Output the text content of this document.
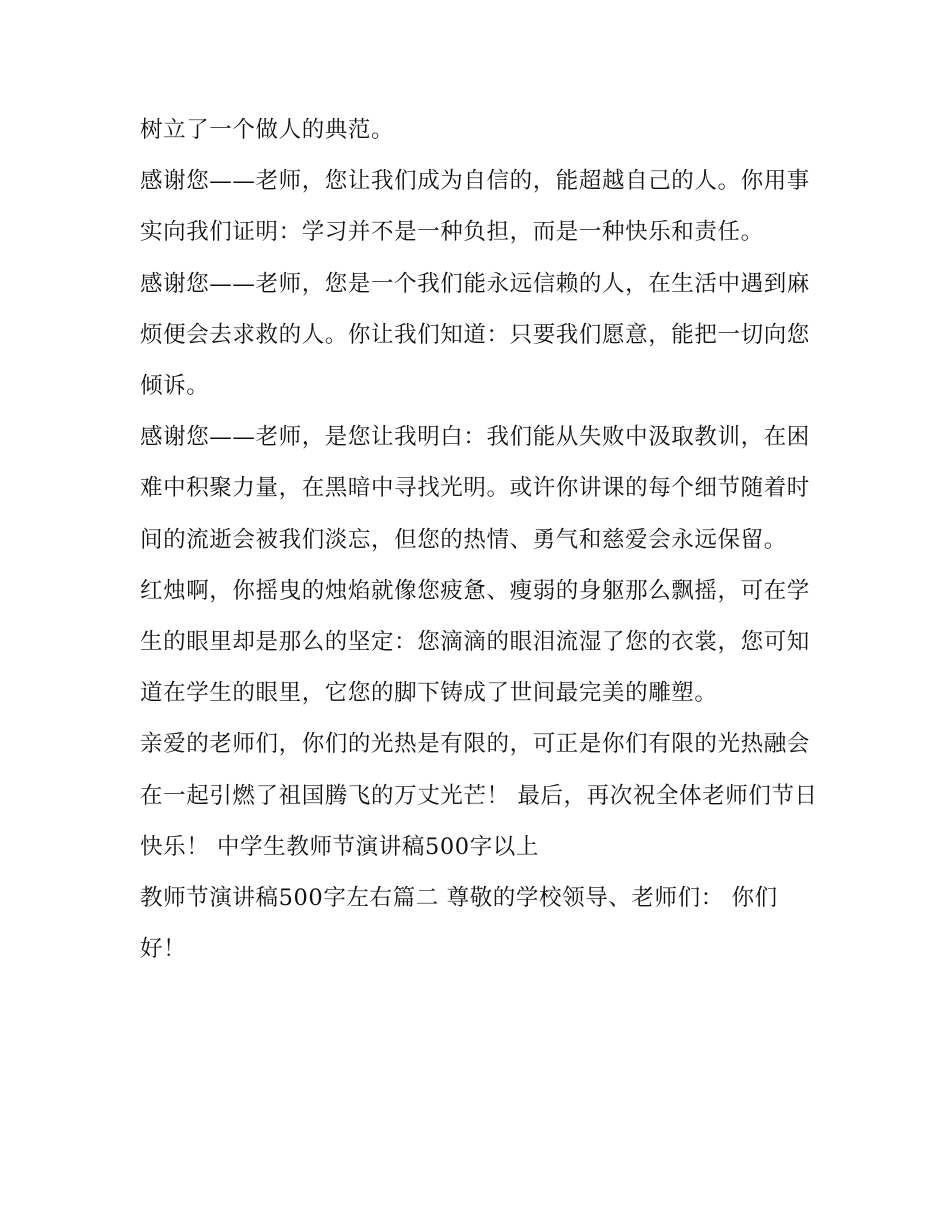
树立了一个做人的典范。

感谢您——老师，您让我们成为自信的，能超越自己的人。你用事实向我们证明：学习并不是一种负担，而是一种快乐和责任。

感谢您——老师，您是一个我们能永远信赖的人，在生活中遇到麻烦便会去求救的人。你让我们知道：只要我们愿意，能把一切向您倾诉。

感谢您——老师，是您让我明白：我们能从失败中汲取教训，在困难中积聚力量，在黑暗中寻找光明。或许你讲课的每个细节随着时间的流逝会被我们淡忘，但您的热情、勇气和慈爱会永远保留。

红烛啊，你摇曳的烛焰就像您疲惫、瘦弱的身躯那么飘摇，可在学生的眼里却是那么的坚定：您滴滴的眼泪流湿了您的衣裳，您可知道在学生的眼里，它您的脚下铸成了世间最完美的雕塑。

亲爱的老师们，你们的光热是有限的，可正是你们有限的光热融会在一起引燃了祖国腾飞的万丈光芒！ 最后，再次祝全体老师们节日快乐！ 中学生教师节演讲稿500字以上

教师节演讲稿500字左右篇二 尊敬的学校领导、老师们： 你们好！
